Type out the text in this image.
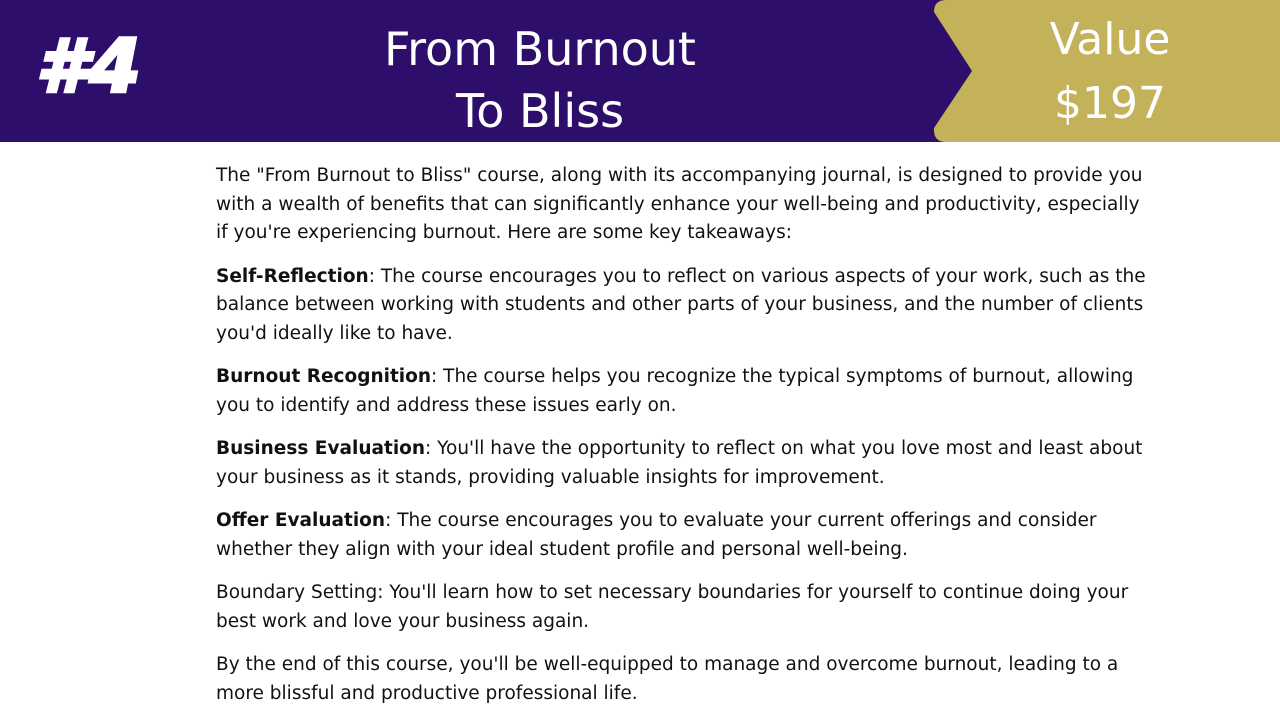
#4	From Burnout
To Bliss
Value
$197

The "From Burnout to Bliss" course, along with its accompanying journal, is designed to provide you with a wealth of benefits that can significantly enhance your well-being and productivity, especially if you're experiencing burnout. Here are some key takeaways:

Self-Reflection: The course encourages you to reflect on various aspects of your work, such as the balance between working with students and other parts of your business, and the number of clients you'd ideally like to have.

Burnout Recognition: The course helps you recognize the typical symptoms of burnout, allowing you to identify and address these issues early on.

Business Evaluation: You'll have the opportunity to reflect on what you love most and least about your business as it stands, providing valuable insights for improvement.

Offer Evaluation: The course encourages you to evaluate your current offerings and consider whether they align with your ideal student profile and personal well-being.

Boundary Setting: You'll learn how to set necessary boundaries for yourself to continue doing your best work and love your business again.

By the end of this course, you'll be well-equipped to manage and overcome burnout, leading to a more blissful and productive professional life.
